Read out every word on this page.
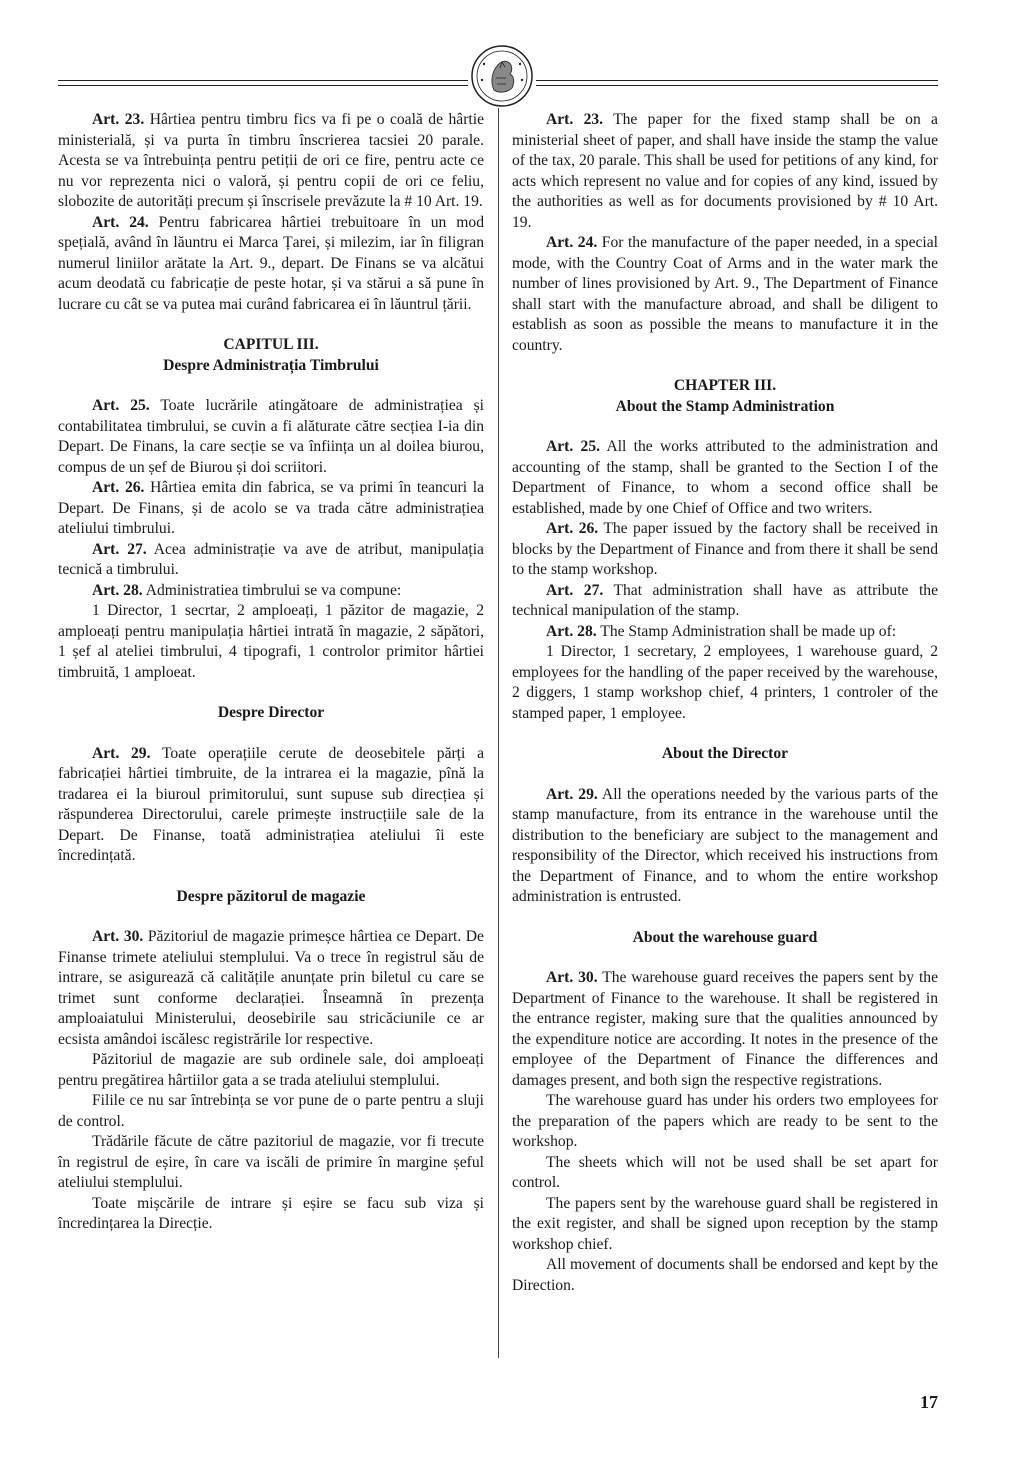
Art. 23. Hârtiea pentru timbru fics va fi pe o coală de hârtie ministerială, și va purta în timbru înscrierea tacsiei 20 parale. Acesta se va întrebuința pentru petiții de ori ce fire, pentru acte ce nu vor reprezenta nici o valoră, și pentru copii de ori ce feliu, slobozite de autorități precum și înscrisele prevăzute la # 10 Art. 19.

Art. 24. Pentru fabricarea hârtiei trebuitoare în un mod spețială, având în lăuntru ei Marca Țarei, și milezim, iar în filigran numerul liniilor arătate la Art. 9., depart. De Finans se va alcătui acum deodată cu fabricație de peste hotar, și va stărui a să pune în lucrare cu cât se va putea mai curând fabricarea ei în lăuntrul țării.

CAPITUL III.

Despre Administrația Timbrului

Art. 25. Toate lucrările atingătoare de administrațiea și contabilitatea timbrului, se cuvin a fi alăturate către secțiea I-ia din Depart. De Finans, la care secție se va înființa un al doilea biurou, compus de un șef de Biurou și doi scriitori.

Art. 26. Hârtiea emita din fabrica, se va primi în teancuri la Depart. De Finans, și de acolo se va trada către administrațiea ateliului timbrului.

Art. 27. Acea administrație va ave de atribut, manipulația tecnică a timbrului.

Art. 28. Administratiea timbrului se va compune:

1 Director, 1 secrtar, 2 amploeați, 1 păzitor de magazie, 2 amploeați pentru manipulația hârtiei intrată în magazie, 2 săpători, 1 șef al ateliei timbrului, 4 tipografi, 1 controlor primitor hârtiei timbruită, 1 amploeat.

Despre Director

Art. 29. Toate operațiile cerute de deosebitele părți a fabricației hârtiei timbruite, de la intrarea ei la magazie, pînă la tradarea ei la biuroul primitorului, sunt supuse sub direcțiea și răspunderea Directorului, carele primește instrucțiile sale de la Depart. De Finanse, toată administrațiea ateliului îi este încredințată.

Despre păzitorul de magazie

Art. 30. Păzitoriul de magazie primeșce hârtiea ce Depart. De Finanse trimete ateliului stemplului. Va o trece în registrul său de intrare, se asigurează că calitățile anunțate prin biletul cu care se trimet sunt conforme declarației. Înseamnă în prezența amploaiatului Ministerului, deosebirile sau stricăciunile ce ar ecsista amândoi iscălesc registrările lor respective.

Păzitoriul de magazie are sub ordinele sale, doi amploeați pentru pregătirea hârtiilor gata a se trada ateliului stemplului.

Filile ce nu sar întrebința se vor pune de o parte pentru a sluji de control.

Trădările făcute de către pazitoriul de magazie, vor fi trecute în registrul de eșire, în care va iscăli de primire în margine șeful ateliului stemplului.

Toate mișcările de intrare și eșire se facu sub viza și încredințarea la Direcție.

Art. 23. The paper for the fixed stamp shall be on a ministerial sheet of paper, and shall have inside the stamp the value of the tax, 20 parale. This shall be used for petitions of any kind, for acts which represent no value and for copies of any kind, issued by the authorities as well as for documents provisioned by # 10 Art. 19.

Art. 24. For the manufacture of the paper needed, in a special mode, with the Country Coat of Arms and in the water mark the number of lines provisioned by Art. 9., The Department of Finance shall start with the manufacture abroad, and shall be diligent to establish as soon as possible the means to manufacture it in the country.

CHAPTER III.

About the Stamp Administration

Art. 25. All the works attributed to the administration and accounting of the stamp, shall be granted to the Section I of the Department of Finance, to whom a second office shall be established, made by one Chief of Office and two writers.

Art. 26. The paper issued by the factory shall be received in blocks by the Department of Finance and from there it shall be send to the stamp workshop.

Art. 27. That administration shall have as attribute the technical manipulation of the stamp.

Art. 28. The Stamp Administration shall be made up of:

1 Director, 1 secretary, 2 employees, 1 warehouse guard, 2 employees for the handling of the paper received by the warehouse, 2 diggers, 1 stamp workshop chief, 4 printers, 1 controler of the stamped paper, 1 employee.

About the Director

Art. 29. All the operations needed by the various parts of the stamp manufacture, from its entrance in the warehouse until the distribution to the beneficiary are subject to the management and responsibility of the Director, which received his instructions from the Department of Finance, and to whom the entire workshop administration is entrusted.

About the warehouse guard

Art. 30. The warehouse guard receives the papers sent by the Department of Finance to the warehouse. It shall be registered in the entrance register, making sure that the qualities announced by the expenditure notice are according. It notes in the presence of the employee of the Department of Finance the differences and damages present, and both sign the respective registrations.

The warehouse guard has under his orders two employees for the preparation of the papers which are ready to be sent to the workshop.

The sheets which will not be used shall be set apart for control.

The papers sent by the warehouse guard shall be registered in the exit register, and shall be signed upon reception by the stamp workshop chief.

All movement of documents shall be endorsed and kept by the Direction.

17
